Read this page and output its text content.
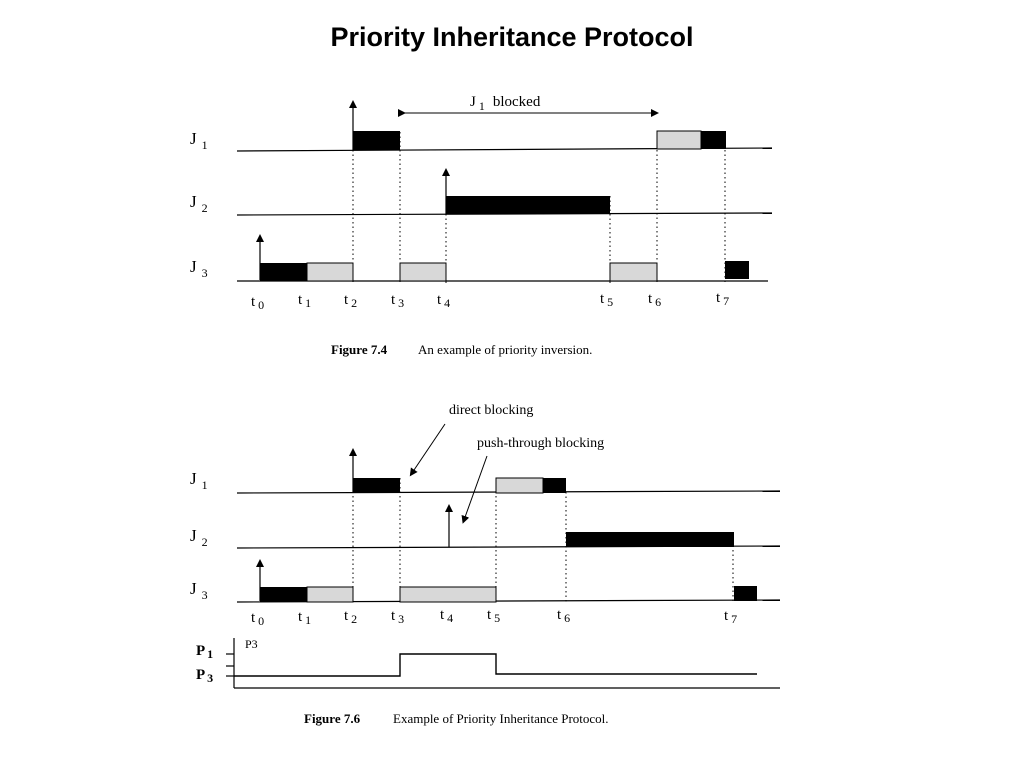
Priority Inheritance Protocol
J $_1$
J $_2$
J $_3$
J $_1$ blocked
t $_0$ t $_1$ t $_2$ t $_3$ t $_4$	t $_5$ t $_6$	t $_7$
Figure 7.4 An example of priority inversion.
direct blocking
push-through blocking
J $_1$
J $_2$
J $_3$
t $_0$ t $_1$ t $_2$ t $_3$ t $_4$ t $_5$	t $_6$	t $_7$
P $_1$
P $_3$
P3
Figure 7.6	Example of Priority Inheritance Protocol.
